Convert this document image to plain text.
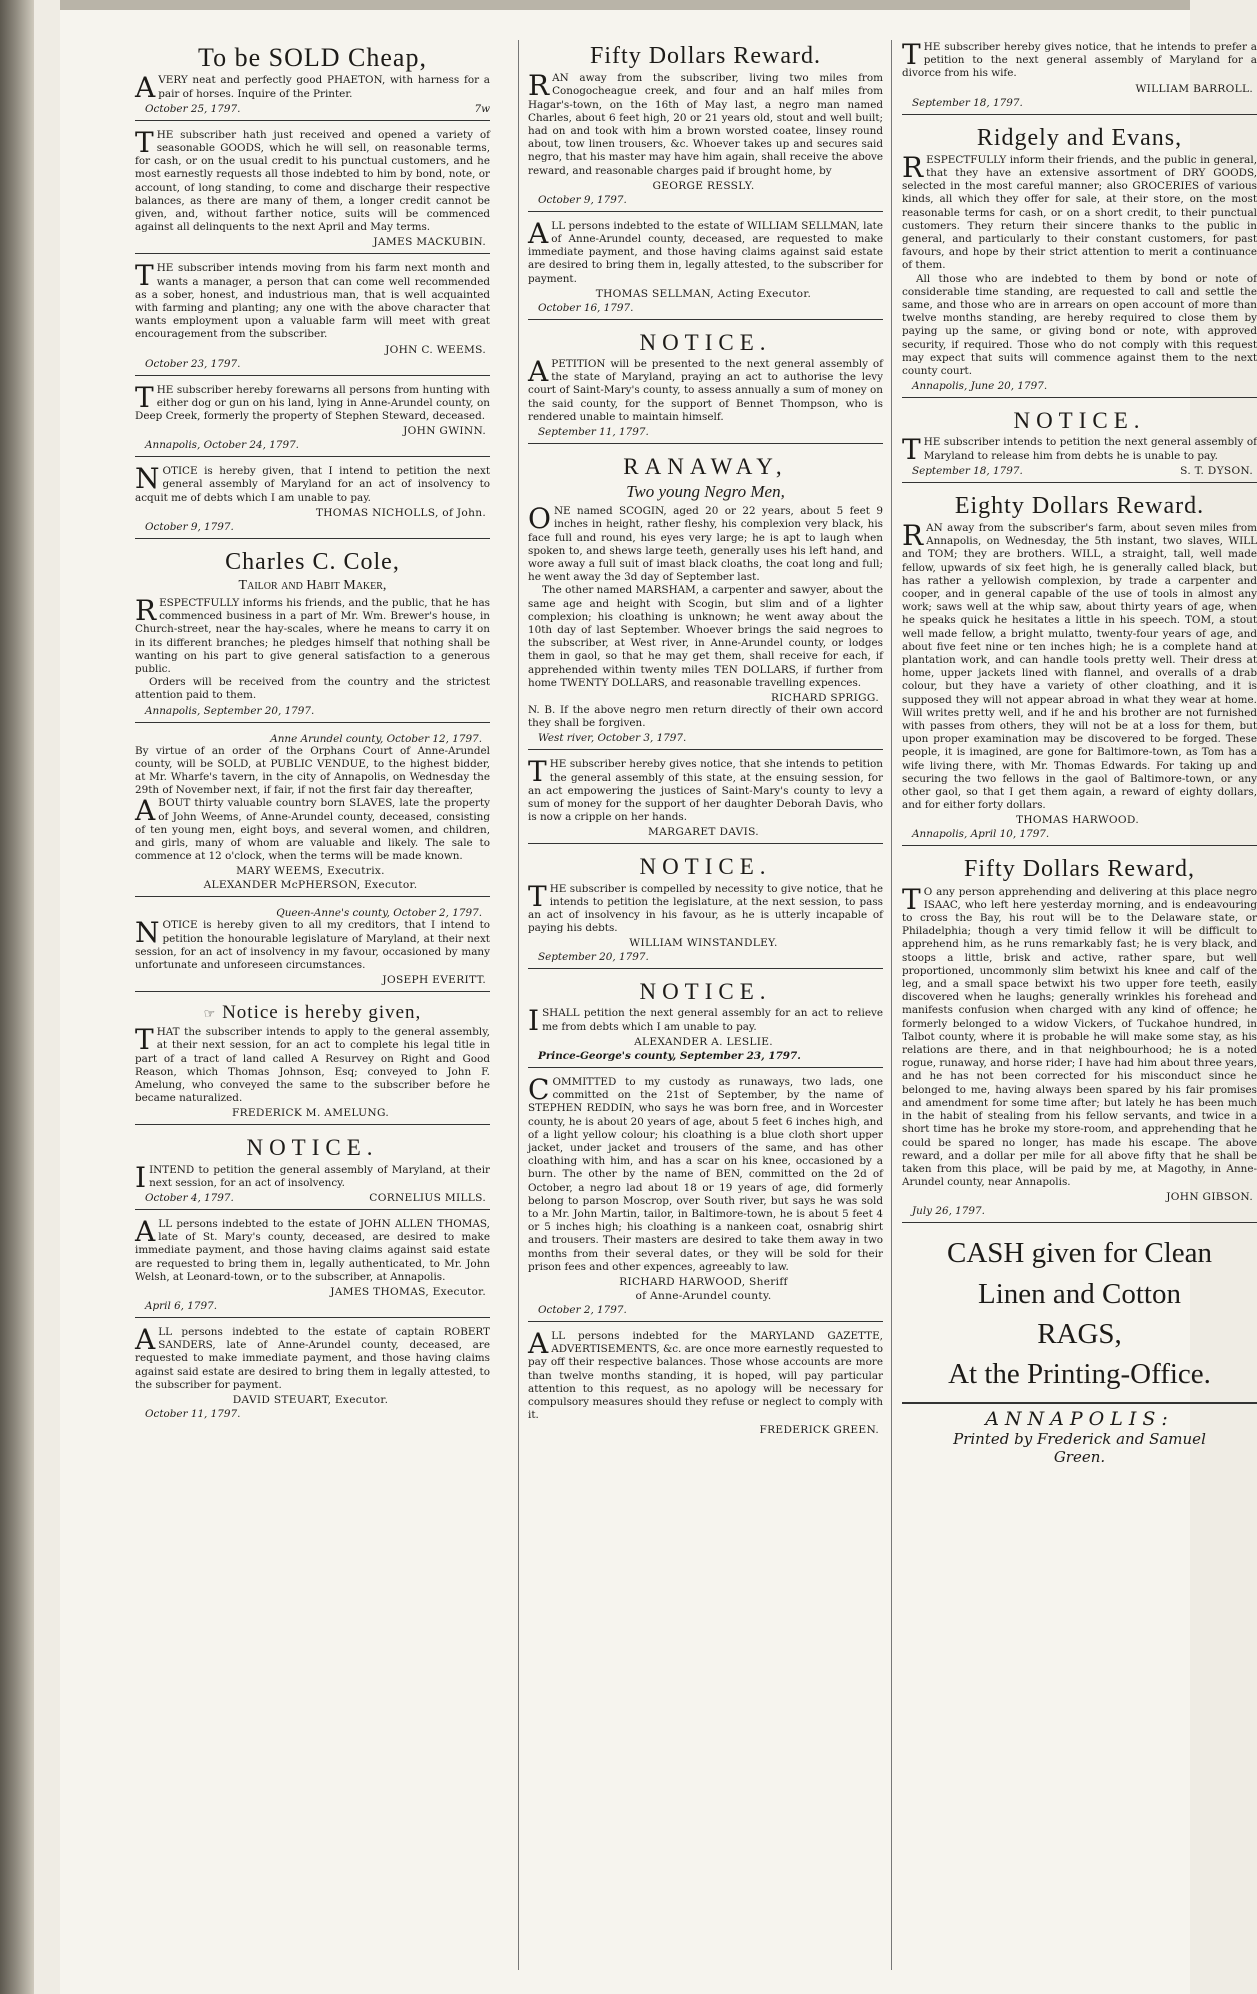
To be SOLD Cheap,

AVERY neat and perfectly good PHAETON, with harness for a pair of horses. Inquire of the Printer.

October 25, 1797.	7w

THE subscriber hath just received and opened a variety of seasonable GOODS, which he will sell, on reasonable terms, for cash, or on the usual credit to his punctual customers, and he most earnestly requests all those indebted to him by bond, note, or account, of long standing, to come and discharge their respective balances, as there are many of them, a longer credit cannot be given, and, without farther notice, suits will be commenced against all delinquents to the next April and May terms.

JAMES MACKUBIN.

THE subscriber intends moving from his farm next month and wants a manager, a person that can come well recommended as a sober, honest, and industrious man, that is well acquainted with farming and planting; any one with the above character that wants employment upon a valuable farm will meet with great encouragement from the subscriber.

JOHN C. WEEMS.
October 23, 1797.

THE subscriber hereby forewarns all persons from hunting with either dog or gun on his land, lying in Anne-Arundel county, on Deep Creek, formerly the property of Stephen Steward, deceased.

JOHN GWINN.
Annapolis, October 24, 1797.

NOTICE is hereby given, that I intend to petition the next general assembly of Maryland for an act of insolvency to acquit me of debts which I am unable to pay.

THOMAS NICHOLLS, of John.
October 9, 1797.
Charles C. Cole,
Tailor and Habit Maker,

RESPECTFULLY informs his friends, and the public, that he has commenced business in a part of Mr. Wm. Brewer's house, in Church-street, near the hay-scales, where he means to carry it on in its different branches; he pledges himself that nothing shall be wanting on his part to give general satisfaction to a generous public.

Orders will be received from the country and the strictest attention paid to them.

Annapolis, September 20, 1797.
Anne Arundel county, October 12, 1797.

By virtue of an order of the Orphans Court of Anne-Arundel county, will be SOLD, at PUBLIC VENDUE, to the highest bidder, at Mr. Wharfe's tavern, in the city of Annapolis, on Wednesday the 29th of November next, if fair, if not the first fair day thereafter,

ABOUT thirty valuable country born SLAVES, late the property of John Weems, of Anne-Arundel county, deceased, consisting of ten young men, eight boys, and several women, and children, and girls, many of whom are valuable and likely. The sale to commence at 12 o'clock, when the terms will be made known.

MARY WEEMS, Executrix.
ALEXANDER McPHERSON, Executor.
Queen-Anne's county, October 2, 1797.

NOTICE is hereby given to all my creditors, that I intend to petition the honourable legislature of Maryland, at their next session, for an act of insolvency in my favour, occasioned by many unfortunate and unforeseen circumstances.

JOSEPH EVERITT.
☞ Notice is hereby given,

THAT the subscriber intends to apply to the general assembly, at their next session, for an act to complete his legal title in part of a tract of land called A Resurvey on Right and Good Reason, which Thomas Johnson, Esq; conveyed to John F. Amelung, who conveyed the same to the subscriber before he became naturalized.

FREDERICK M. AMELUNG.
NOTICE.

IINTEND to petition the general assembly of Maryland, at their next session, for an act of insolvency.

October 4, 1797.	CORNELIUS MILLS.

ALL persons indebted to the estate of JOHN ALLEN THOMAS, late of St. Mary's county, deceased, are desired to make immediate payment, and those having claims against said estate are requested to bring them in, legally authenticated, to Mr. John Welsh, at Leonard-town, or to the subscriber, at Annapolis.

JAMES THOMAS, Executor.
April 6, 1797.

ALL persons indebted to the estate of captain ROBERT SANDERS, late of Anne-Arundel county, deceased, are requested to make immediate payment, and those having claims against said estate are desired to bring them in legally attested, to the subscriber for payment.

DAVID STEUART, Executor.
October 11, 1797.
Fifty Dollars Reward.

RAN away from the subscriber, living two miles from Conogocheague creek, and four and an half miles from Hagar's-town, on the 16th of May last, a negro man named Charles, about 6 feet high, 20 or 21 years old, stout and well built; had on and took with him a brown worsted coatee, linsey round about, tow linen trousers, &c. Whoever takes up and secures said negro, that his master may have him again, shall receive the above reward, and reasonable charges paid if brought home, by

GEORGE RESSLY.
October 9, 1797.

ALL persons indebted to the estate of WILLIAM SELLMAN, late of Anne-Arundel county, deceased, are requested to make immediate payment, and those having claims against said estate are desired to bring them in, legally attested, to the subscriber for payment.

THOMAS SELLMAN, Acting Executor.
October 16, 1797.
NOTICE.

APETITION will be presented to the next general assembly of the state of Maryland, praying an act to authorise the levy court of Saint-Mary's county, to assess annually a sum of money on the said county, for the support of Bennet Thompson, who is rendered unable to maintain himself.

September 11, 1797.
RANAWAY,
Two young Negro Men,

ONE named SCOGIN, aged 20 or 22 years, about 5 feet 9 inches in height, rather fleshy, his complexion very black, his face full and round, his eyes very large; he is apt to laugh when spoken to, and shews large teeth, generally uses his left hand, and wore away a full suit of imast black cloaths, the coat long and full; he went away the 3d day of September last.

The other named MARSHAM, a carpenter and sawyer, about the same age and height with Scogin, but slim and of a lighter complexion; his cloathing is unknown; he went away about the 10th day of last September. Whoever brings the said negroes to the subscriber, at West river, in Anne-Arundel county, or lodges them in gaol, so that he may get them, shall receive for each, if apprehended within twenty miles TEN DOLLARS, if further from home TWENTY DOLLARS, and reasonable travelling expences.

RICHARD SPRIGG.

N. B. If the above negro men return directly of their own accord they shall be forgiven.

West river, October 3, 1797.

THE subscriber hereby gives notice, that she intends to petition the general assembly of this state, at the ensuing session, for an act empowering the justices of Saint-Mary's county to levy a sum of money for the support of her daughter Deborah Davis, who is now a cripple on her hands.

MARGARET DAVIS.
NOTICE.

THE subscriber is compelled by necessity to give notice, that he intends to petition the legislature, at the next session, to pass an act of insolvency in his favour, as he is utterly incapable of paying his debts.

WILLIAM WINSTANDLEY.
September 20, 1797.
NOTICE.

ISHALL petition the next general assembly for an act to relieve me from debts which I am unable to pay.

ALEXANDER A. LESLIE.
Prince-George's county, September 23, 1797.

COMMITTED to my custody as runaways, two lads, one committed on the 21st of September, by the name of STEPHEN REDDIN, who says he was born free, and in Worcester county, he is about 20 years of age, about 5 feet 6 inches high, and of a light yellow colour; his cloathing is a blue cloth short upper jacket, under jacket and trousers of the same, and has other cloathing with him, and has a scar on his knee, occasioned by a burn. The other by the name of BEN, committed on the 2d of October, a negro lad about 18 or 19 years of age, did formerly belong to parson Moscrop, over South river, but says he was sold to a Mr. John Martin, tailor, in Baltimore-town, he is about 5 feet 4 or 5 inches high; his cloathing is a nankeen coat, osnabrig shirt and trousers. Their masters are desired to take them away in two months from their several dates, or they will be sold for their prison fees and other expences, agreeably to law.

RICHARD HARWOOD, Sheriff
of Anne-Arundel county.
October 2, 1797.

ALL persons indebted for the MARYLAND GAZETTE, ADVERTISEMENTS, &c. are once more earnestly requested to pay off their respective balances. Those whose accounts are more than twelve months standing, it is hoped, will pay particular attention to this request, as no apology will be necessary for compulsory measures should they refuse or neglect to comply with it.

FREDERICK GREEN.

THE subscriber hereby gives notice, that he intends to prefer a petition to the next general assembly of Maryland for a divorce from his wife.

WILLIAM BARROLL.
September 18, 1797.
Ridgely and Evans,

RESPECTFULLY inform their friends, and the public in general, that they have an extensive assortment of DRY GOODS, selected in the most careful manner; also GROCERIES of various kinds, all which they offer for sale, at their store, on the most reasonable terms for cash, or on a short credit, to their punctual customers. They return their sincere thanks to the public in general, and particularly to their constant customers, for past favours, and hope by their strict attention to merit a continuance of them.

All those who are indebted to them by bond or note of considerable time standing, are requested to call and settle the same, and those who are in arrears on open account of more than twelve months standing, are hereby required to close them by paying up the same, or giving bond or note, with approved security, if required. Those who do not comply with this request may expect that suits will commence against them to the next county court.

Annapolis, June 20, 1797.
NOTICE.

THE subscriber intends to petition the next general assembly of Maryland to release him from debts he is unable to pay.

September 18, 1797.	S. T. DYSON.
Eighty Dollars Reward.

RAN away from the subscriber's farm, about seven miles from Annapolis, on Wednesday, the 5th instant, two slaves, WILL and TOM; they are brothers. WILL, a straight, tall, well made fellow, upwards of six feet high, he is generally called black, but has rather a yellowish complexion, by trade a carpenter and cooper, and in general capable of the use of tools in almost any work; saws well at the whip saw, about thirty years of age, when he speaks quick he hesitates a little in his speech. TOM, a stout well made fellow, a bright mulatto, twenty-four years of age, and about five feet nine or ten inches high; he is a complete hand at plantation work, and can handle tools pretty well. Their dress at home, upper jackets lined with flannel, and overalls of a drab colour, but they have a variety of other cloathing, and it is supposed they will not appear abroad in what they wear at home. Will writes pretty well, and if he and his brother are not furnished with passes from others, they will not be at a loss for them, but upon proper examination may be discovered to be forged. These people, it is imagined, are gone for Baltimore-town, as Tom has a wife living there, with Mr. Thomas Edwards. For taking up and securing the two fellows in the gaol of Baltimore-town, or any other gaol, so that I get them again, a reward of eighty dollars, and for either forty dollars.

THOMAS HARWOOD.
Annapolis, April 10, 1797.
Fifty Dollars Reward,

TO any person apprehending and delivering at this place negro ISAAC, who left here yesterday morning, and is endeavouring to cross the Bay, his rout will be to the Delaware state, or Philadelphia; though a very timid fellow it will be difficult to apprehend him, as he runs remarkably fast; he is very black, and stoops a little, brisk and active, rather spare, but well proportioned, uncommonly slim betwixt his knee and calf of the leg, and a small space betwixt his two upper fore teeth, easily discovered when he laughs; generally wrinkles his forehead and manifests confusion when charged with any kind of offence; he formerly belonged to a widow Vickers, of Tuckahoe hundred, in Talbot county, where it is probable he will make some stay, as his relations are there, and in that neighbourhood; he is a noted rogue, runaway, and horse rider; I have had him about three years, and he has not been corrected for his misconduct since he belonged to me, having always been spared by his fair promises and amendment for some time after; but lately he has been much in the habit of stealing from his fellow servants, and twice in a short time has he broke my store-room, and apprehending that he could be spared no longer, has made his escape. The above reward, and a dollar per mile for all above fifty that he shall be taken from this place, will be paid by me, at Magothy, in Anne-Arundel county, near Annapolis.

JOHN GIBSON.
July 26, 1797.
CASH given for Clean
Linen and Cotton
RAGS,
At the Printing-Office.
ANNAPOLIS:
Printed by Frederick and Samuel
Green.
